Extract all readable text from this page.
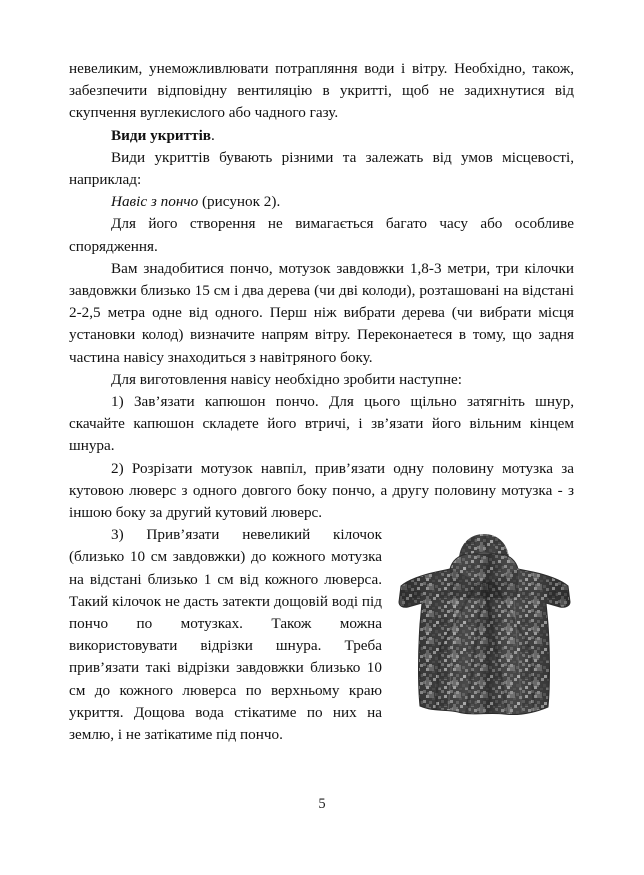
невеликим, унеможливлювати потрапляння води і вітру. Необхідно, також, забезпечити відповідну вентиляцію в укритті, щоб не задихнутися від скупчення вуглекислого або чадного газу.

Види укриттів.

Види укриттів бувають різними та залежать від умов місцевості, наприклад:

Навіс з пончо (рисунок 2).

Для його створення не вимагається багато часу або особливе спорядження.

Вам знадобитися пончо, мотузок завдовжки 1,8-3 метри, три кілочки завдовжки близько 15 см і два дерева (чи дві колоди), розташовані на відстані 2-2,5 метра одне від одного. Перш ніж вибрати дерева (чи вибрати місця установки колод) визначите напрям вітру. Переконаетеся в тому, що задня частина навісу знаходиться з навітряного боку.

Для виготовлення навісу необхідно зробити наступне:

1) Зав’язати капюшон пончо. Для цього щільно затягніть шнур, скачайте капюшон складете його втричі, і зв’язати його вільним кінцем шнура.

2) Розрізати мотузок навпіл, прив’язати одну половину мотузка за кутовою люверс з одного довгого боку пончо, а другу половину мотузка - з іншою боку за другий кутовий люверс.

3) Прив’язати невеликий кілочок (близько 10 см завдовжки) до кожного мотузка на відстані близько 1 см від кожного люверса. Такий кілочок не дасть затекти дощовій воді під пончо по мотузках. Також можна використовувати відрізки шнура. Треба прив’язати такі відрізки завдовжки близько 10 см до кожного люверса по верхньому краю укриття. Дощова вода стікатиме по них на землю, і не затікатиме під пончо.

5
